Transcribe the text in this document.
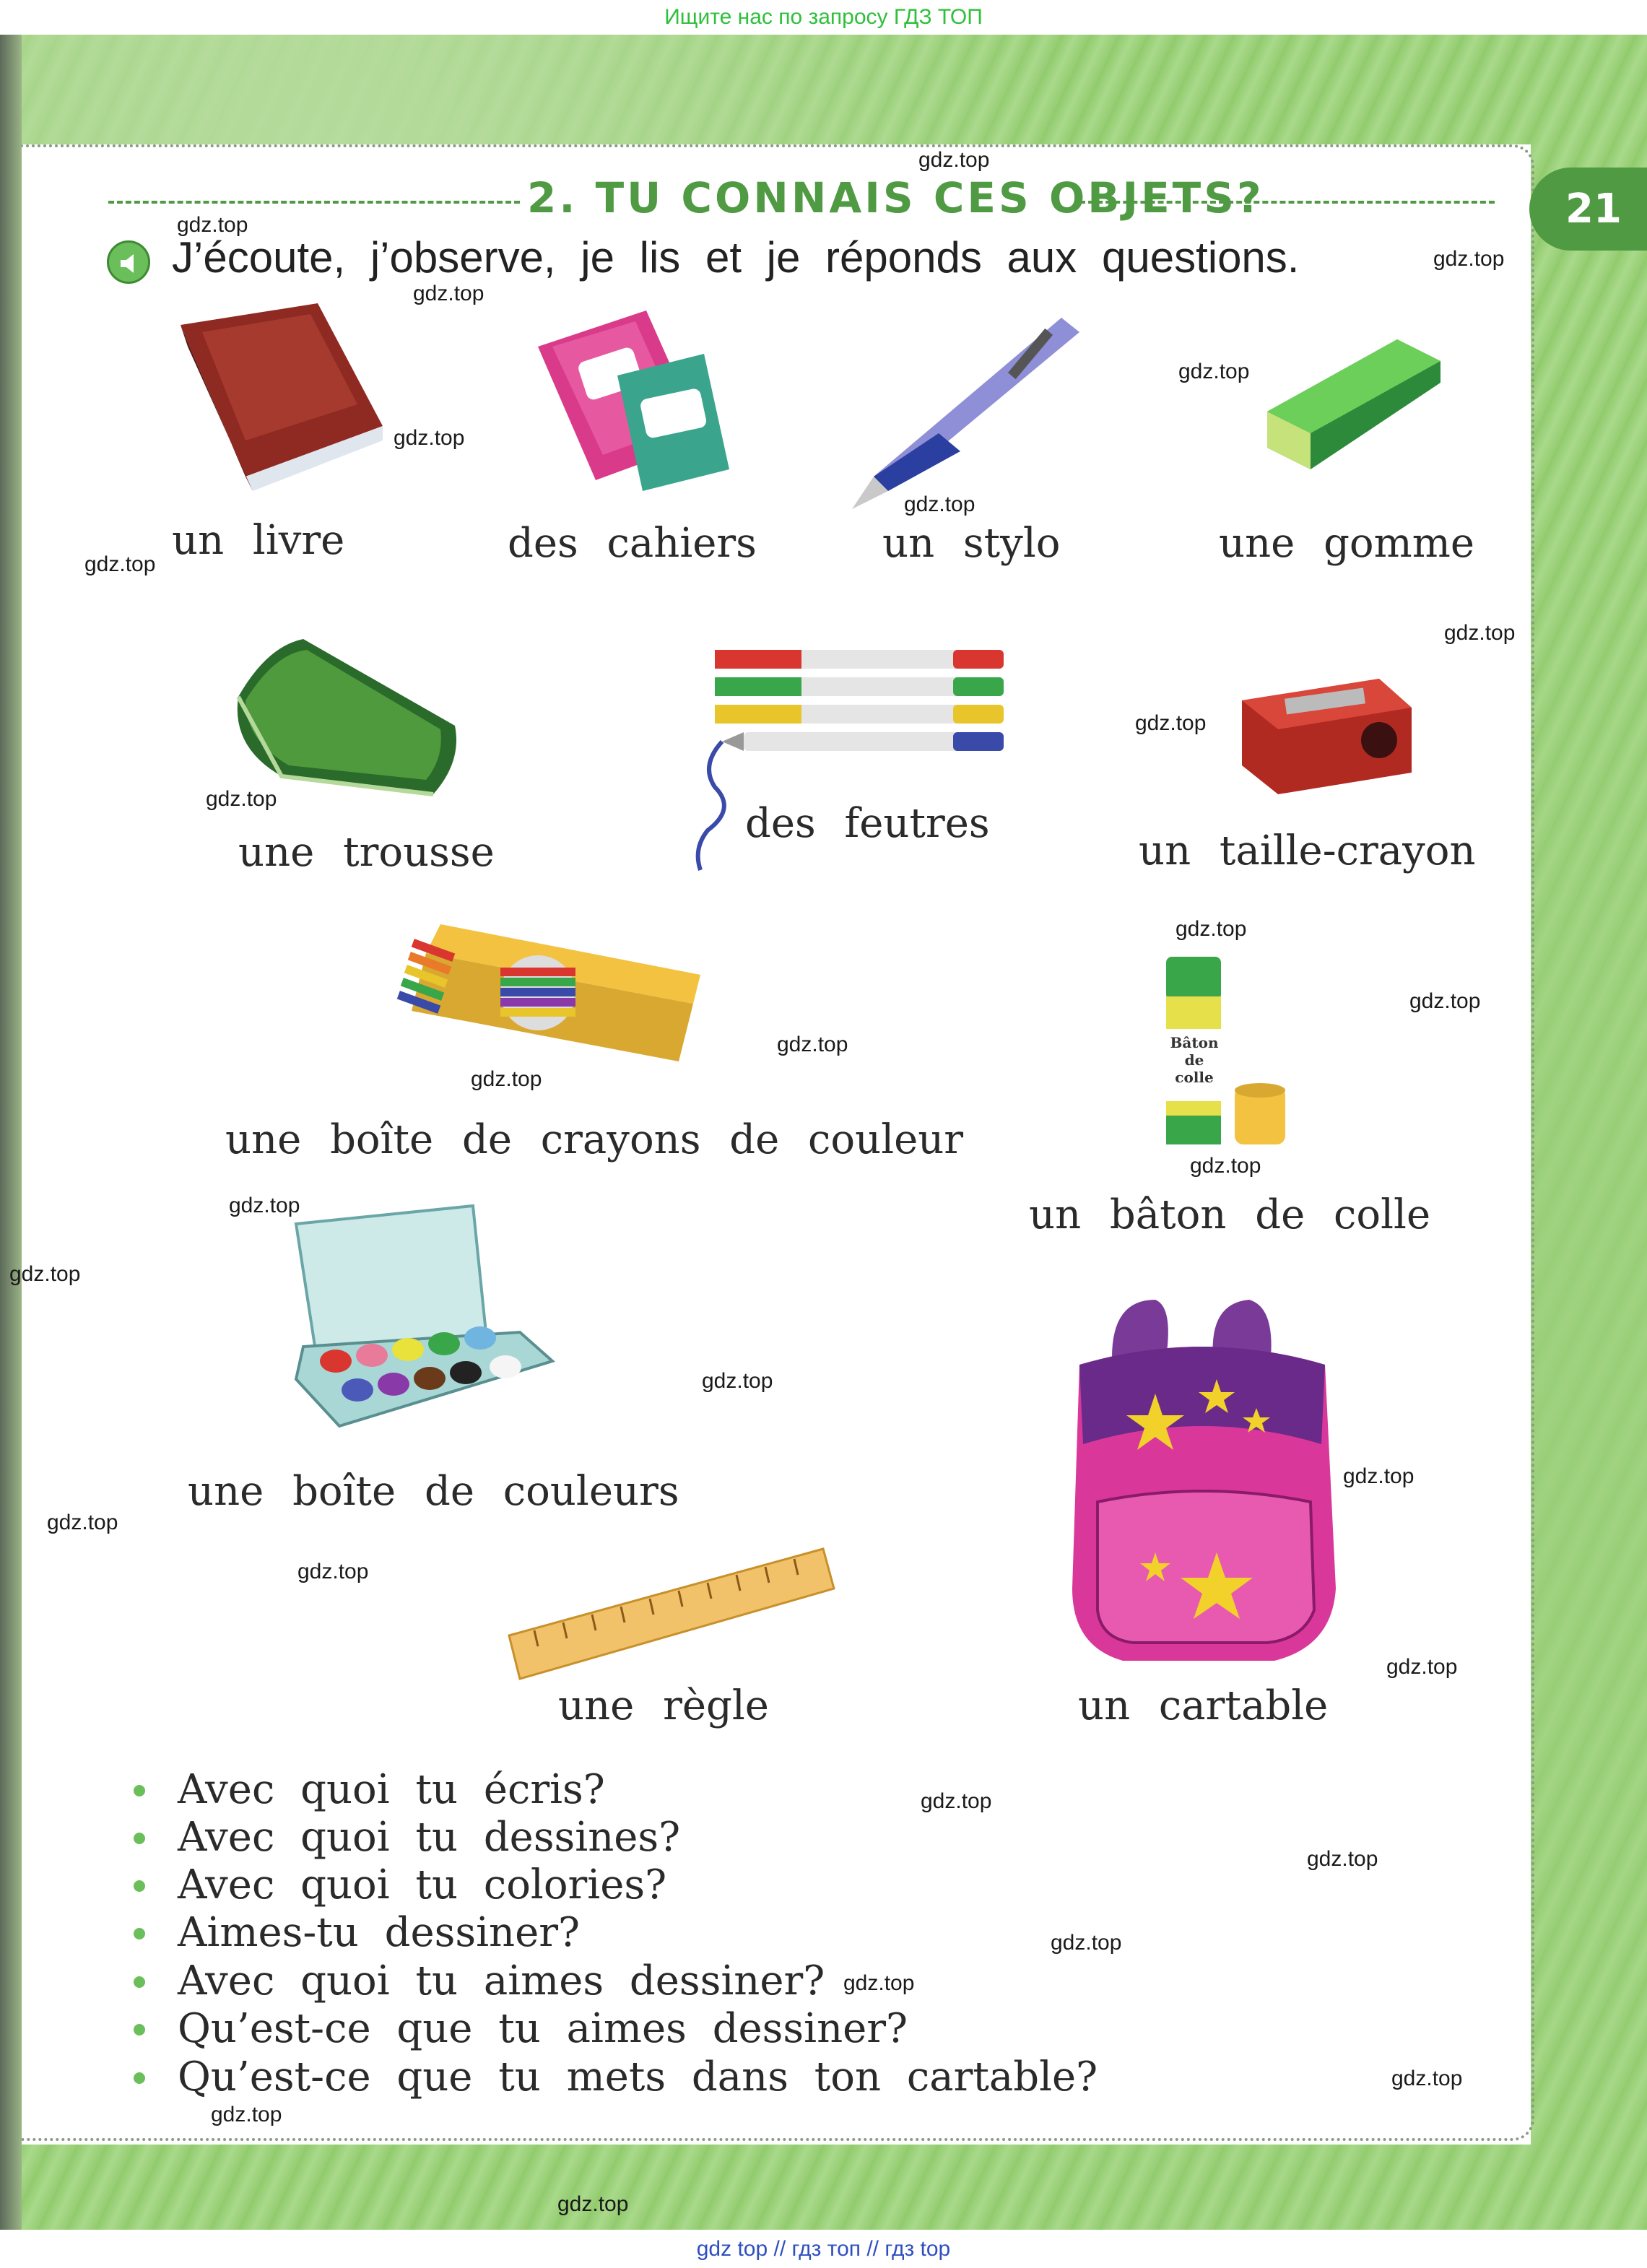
Ищите нас по запросу ГДЗ ТОП
21
2. TU CONNAIS CES OBJETS?
J’écoute, j’observe, je lis et je réponds aux questions.
un livre	des cahiers	un stylo	une gomme
une trousse
des feutres
un taille-crayon
une boîte de crayons de couleur
Bâton de colle
un bâton de colle
une boîte de couleurs
une règle	un cartable
Avec quoi tu écris?
Avec quoi tu dessines?
Avec quoi tu colories?
Aimes-tu dessiner?
Avec quoi tu aimes dessiner?
Qu’est-ce que tu aimes dessiner?
Qu’est-ce que tu mets dans ton cartable?
gdz.top
gdz.top
gdz.top
gdz.top
gdz.top
gdz.top
gdz.top
gdz.top
gdz.top
gdz.top
gdz.top
gdz.top
gdz.top
gdz.top
gdz.top
gdz.top
gdz.top
gdz.top
gdz.top
gdz.top
gdz.top
gdz.top
gdz.top
gdz.top
gdz.top
gdz.top
gdz.top
gdz.top
gdz.top
gdz.top
gdz top // гдз топ // гдз top
